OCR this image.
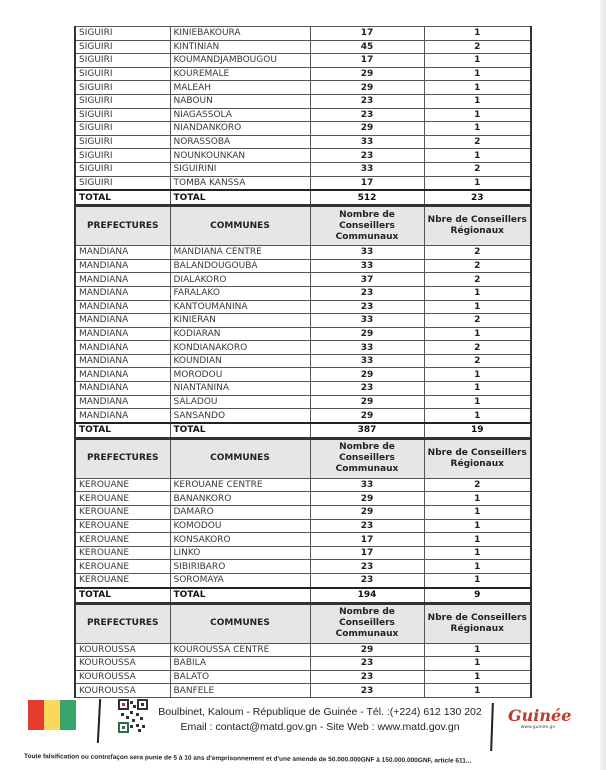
SIGUIRI	KINIEBAKOURA	17	1
SIGUIRI	KINTINIAN	45	2
SIGUIRI	KOUMANDJAMBOUGOU	17	1
SIGUIRI	KOUREMALE	29	1
SIGUIRI	MALEAH	29	1
SIGUIRI	NABOUN	23	1
SIGUIRI	NIAGASSOLA	23	1
SIGUIRI	NIANDANKORO	29	1
SIGUIRI	NORASSOBA	33	2
SIGUIRI	NOUNKOUNKAN	23	1
SIGUIRI	SIGUIRINI	33	2
SIGUIRI	TOMBA KANSSA	17	1
TOTAL	TOTAL	512	23
PREFECTURES	COMMUNES	Nombre de Conseillers Communaux	Nbre de Conseillers Régionaux
MANDIANA	MANDIANA CENTRE	33	2
MANDIANA	BALANDOUGOUBA	33	2
MANDIANA	DIALAKORO	37	2
MANDIANA	FARALAKO	23	1
MANDIANA	KANTOUMANINA	23	1
MANDIANA	KINIERAN	33	2
MANDIANA	KODIARAN	29	1
MANDIANA	KONDIANAKORO	33	2
MANDIANA	KOUNDIAN	33	2
MANDIANA	MORODOU	29	1
MANDIANA	NIANTANINA	23	1
MANDIANA	SALADOU	29	1
MANDIANA	SANSANDO	29	1
TOTAL	TOTAL	387	19
PREFECTURES	COMMUNES	Nombre de Conseillers Communaux	Nbre de Conseillers Régionaux
KEROUANE	KEROUANE CENTRE	33	2
KEROUANE	BANANKORO	29	1
KEROUANE	DAMARO	29	1
KEROUANE	KOMODOU	23	1
KEROUANE	KONSAKORO	17	1
KEROUANE	LINKO	17	1
KEROUANE	SIBIRIBARO	23	1
KEROUANE	SOROMAYA	23	1
TOTAL	TOTAL	194	9
PREFECTURES	COMMUNES	Nombre de Conseillers Communaux	Nbre de Conseillers Régionaux
KOUROUSSA	KOUROUSSA CENTRE	29	1
KOUROUSSA	BABILA	23	1
KOUROUSSA	BALATO	23	1
KOUROUSSA	BANFELE	23	1
Boulbinet, Kaloum - République de Guinée - Tél. :(+224) 612 130 202
Email : contact@matd.gov.gn - Site Web : www.matd.gov.gn
Guinée
www.guinee.gn
Toute falsification ou contrefaçon sera punie de 5 à 10 ans d'emprisonnement et d'une amende de 50.000.000GNF à 150.000.000GNF, article 611...
